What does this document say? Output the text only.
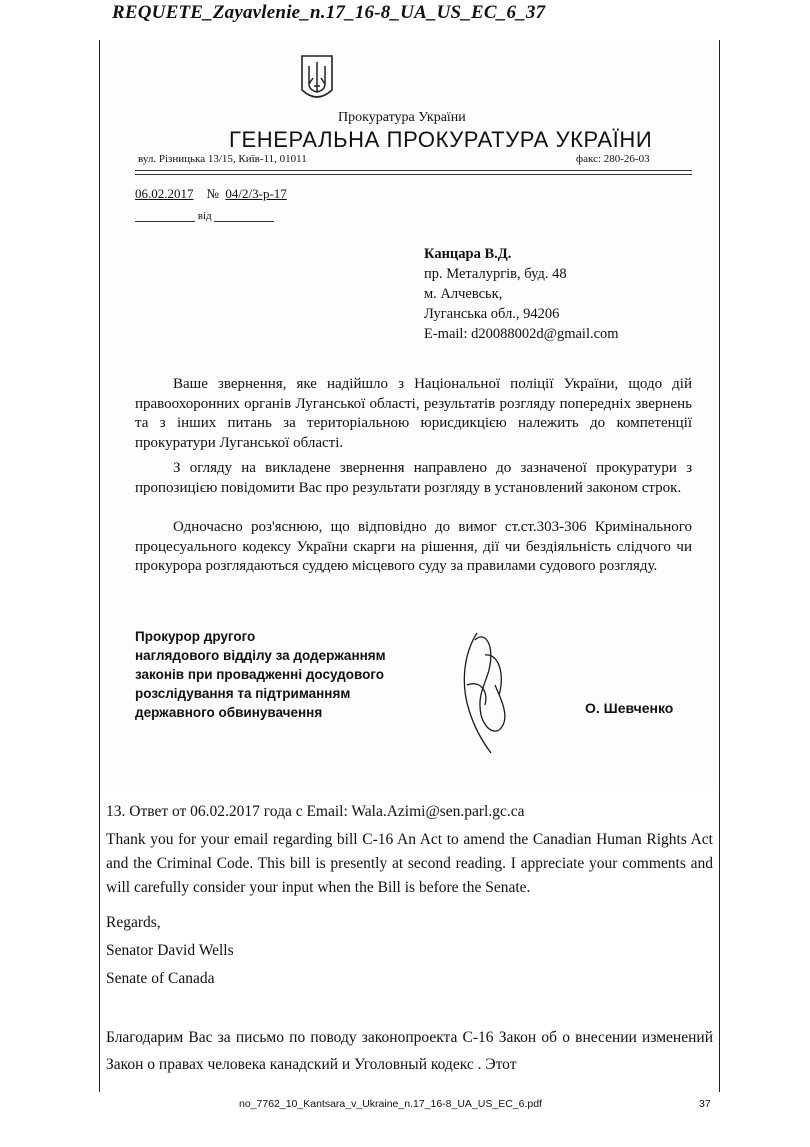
REQUETE_Zayavlenie_n.17_16-8_UA_US_EC_6_37
Прокуратура України
ГЕНЕРАЛЬНА ПРОКУРАТУРА УКРАЇНИ
вул. Різницька 13/15, Київ-11, 01011	факс: 280-26-03
06.02.2017 № 04/2/3-р-17
від
Канцара В.Д.
пр. Металургів, буд. 48
м. Алчевськ,
Луганська обл., 94206
E-mail: d20088002d@gmail.com
Ваше звернення, яке надійшло з Національної поліції України, щодо дій правоохоронних органів Луганської області, результатів розгляду попередніх звернень та з інших питань за територіальною юрисдикцією належить до компетенції прокуратури Луганської області.
З огляду на викладене звернення направлено до зазначеної прокуратури з пропозицією повідомити Вас про результати розгляду в установлений законом строк.
Одночасно роз'яснюю, що відповідно до вимог ст.ст.303-306 Кримінального процесуального кодексу України скарги на рішення, дії чи бездіяльність слідчого чи прокурора розглядаються суддею місцевого суду за правилами судового розгляду.
Прокурор другого
наглядового відділу за додержанням
законів при провадженні досудового
розслідування та підтриманням
державного обвинувачення	О. Шевченко
13. Ответ от 06.02.2017 года с Email: Wala.Azimi@sen.parl.gc.ca
Thank you for your email regarding bill C-16 An Act to amend the Canadian Human Rights Act and the Criminal Code. This bill is presently at second reading. I appreciate your comments and will carefully consider your input when the Bill is before the Senate.
Regards,
Senator David Wells
Senate of Canada
Благодарим Вас за письмо по поводу законопроекта С-16 Закон об о внесении изменений Закон о правах человека канадский и Уголовный кодекс . Этот
no_7762_10_Kantsara_v_Ukraine_n.17_16-8_UA_US_EC_6.pdf	37
